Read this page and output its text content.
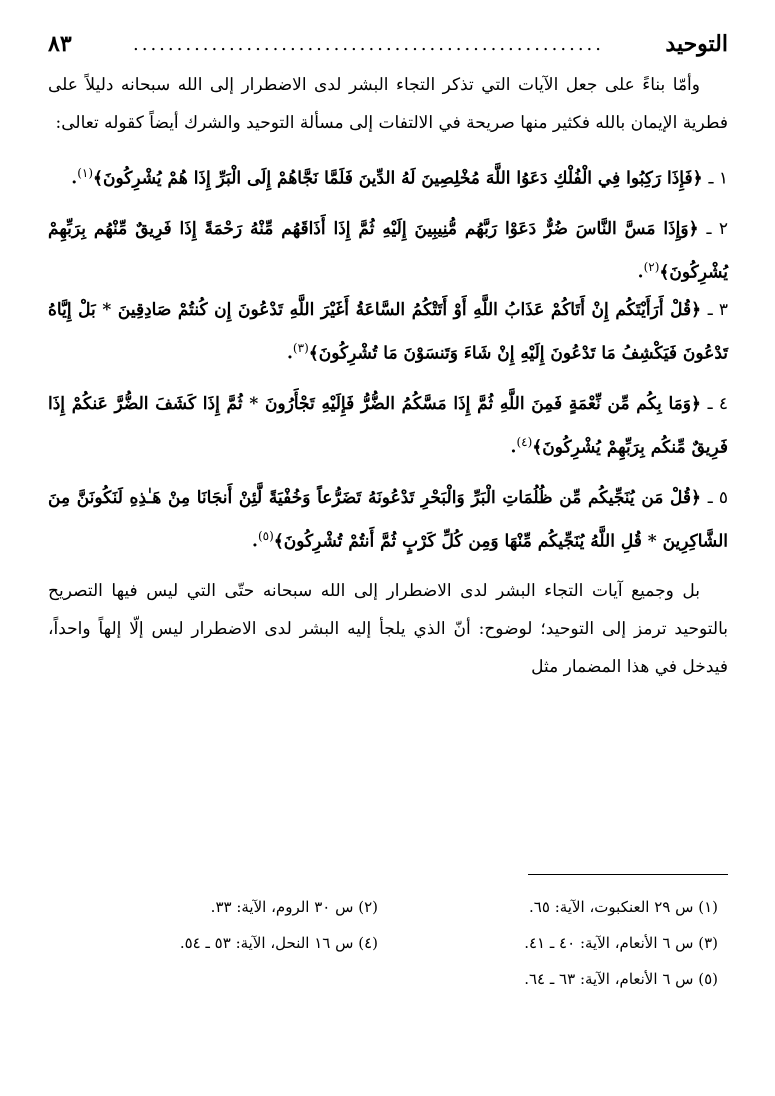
التوحيد
......................................................
٨٣

وأمّا بناءً على جعل الآيات التي تذكر التجاء البشر لدى الاضطرار إلى الله سبحانه دليلاً على فطرية الإيمان بالله فكثير منها صريحة في الالتفات إلى مسألة التوحيد والشرك أيضاً كقوله تعالى:

١ ـ ﴿فَإِذَا رَكِبُوا فِي الْفُلْكِ دَعَوُا اللَّهَ مُخْلِصِينَ لَهُ الدِّينَ فَلَمَّا نَجَّاهُمْ إِلَى الْبَرِّ إِذَا هُمْ يُشْرِكُونَ﴾$^{(١)}$.

٢ ـ ﴿وَإِذَا مَسَّ النَّاسَ ضُرٌّ دَعَوْا رَبَّهُم مُّنِيبِينَ إِلَيْهِ ثُمَّ إِذَا أَذَاقَهُم مِّنْهُ رَحْمَةً إِذَا فَرِيقٌ مِّنْهُم بِرَبِّهِمْ يُشْرِكُونَ﴾$^{(٢)}$.

٣ ـ ﴿قُلْ أَرَأَيْتَكُم إِنْ أَتَاكُمْ عَذَابُ اللَّهِ أَوْ أَتَتْكُمُ السَّاعَةُ أَغَيْرَ اللَّهِ تَدْعُونَ إِن كُنتُمْ صَادِقِينَ * بَلْ إِيَّاهُ تَدْعُونَ فَيَكْشِفُ مَا تَدْعُونَ إِلَيْهِ إِنْ شَاءَ وَتَنسَوْنَ مَا تُشْرِكُونَ﴾$^{(٣)}$.

٤ ـ ﴿وَمَا بِكُم مِّن نِّعْمَةٍ فَمِنَ اللَّهِ ثُمَّ إِذَا مَسَّكُمُ الضُّرُّ فَإِلَيْهِ تَجْأَرُونَ * ثُمَّ إِذَا كَشَفَ الضُّرَّ عَنكُمْ إِذَا فَرِيقٌ مِّنكُم بِرَبِّهِمْ يُشْرِكُونَ﴾$^{(٤)}$.

٥ ـ ﴿قُلْ مَن يُنَجِّيكُم مِّن ظُلُمَاتِ الْبَرِّ وَالْبَحْرِ تَدْعُونَهُ تَضَرُّعاً وَخُفْيَةً لَّئِنْ أَنجَانَا مِنْ هَـٰذِهِ لَنَكُونَنَّ مِنَ الشَّاكِرِينَ * قُلِ اللَّهُ يُنَجِّيكُم مِّنْهَا وَمِن كُلِّ كَرْبٍ ثُمَّ أَنتُمْ تُشْرِكُونَ﴾$^{(٥)}$.

بل وجميع آيات التجاء البشر لدى الاضطرار إلى الله سبحانه حتّى التي ليس فيها التصريح بالتوحيد ترمز إلى التوحيد؛ لوضوح: أنّ الذي يلجأ إليه البشر لدى الاضطرار ليس إلّا إلهاً واحداً، فيدخل في هذا المضمار مثل

(١) س ٢٩ العنكبوت، الآية: ٦٥.
(٢) س ٣٠ الروم، الآية: ٣٣.
(٣) س ٦ الأنعام، الآية: ٤٠ ـ ٤١.
(٤) س ١٦ النحل، الآية: ٥٣ ـ ٥٤.
(٥) س ٦ الأنعام، الآية: ٦٣ ـ ٦٤.
